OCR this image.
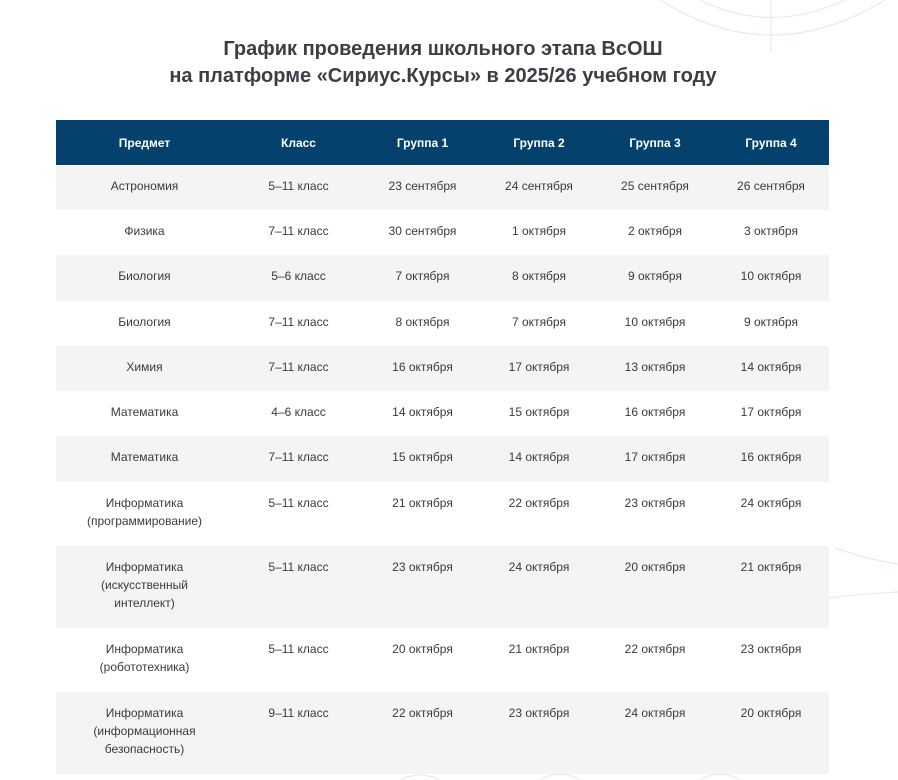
График проведения школьного этапа ВсОШ
на платформе «Сириус.Курсы» в 2025/26 учебном году
Предмет	Класс	Группа 1	Группа 2	Группа 3	Группа 4

Астрономия	5–11 класс	23 сентября	24 сентября	25 сентября	26 сентября

Физика	7–11 класс	30 сентября	1 октября	2 октября	3 октября

Биология	5–6 класс	7 октября	8 октября	9 октября	10 октября

Биология	7–11 класс	8 октября	7 октября	10 октября	9 октября

Химия	7–11 класс	16 октября	17 октября	13 октября	14 октября

Математика	4–6 класс	14 октября	15 октября	16 октября	17 октября

Математика	7–11 класс	15 октября	14 октября	17 октября	16 октября

Информатика
(программирование)	5–11 класс	21 октября	22 октября	23 октября	24 октября

Информатика
(искусственный
интеллект)	5–11 класс	23 октября	24 октября	20 октября	21 октября

Информатика
(робототехника)	5–11 класс	20 октября	21 октября	22 октября	23 октября

Информатика
(информационная
безопасность)	9–11 класс	22 октября	23 октября	24 октября	20 октября
